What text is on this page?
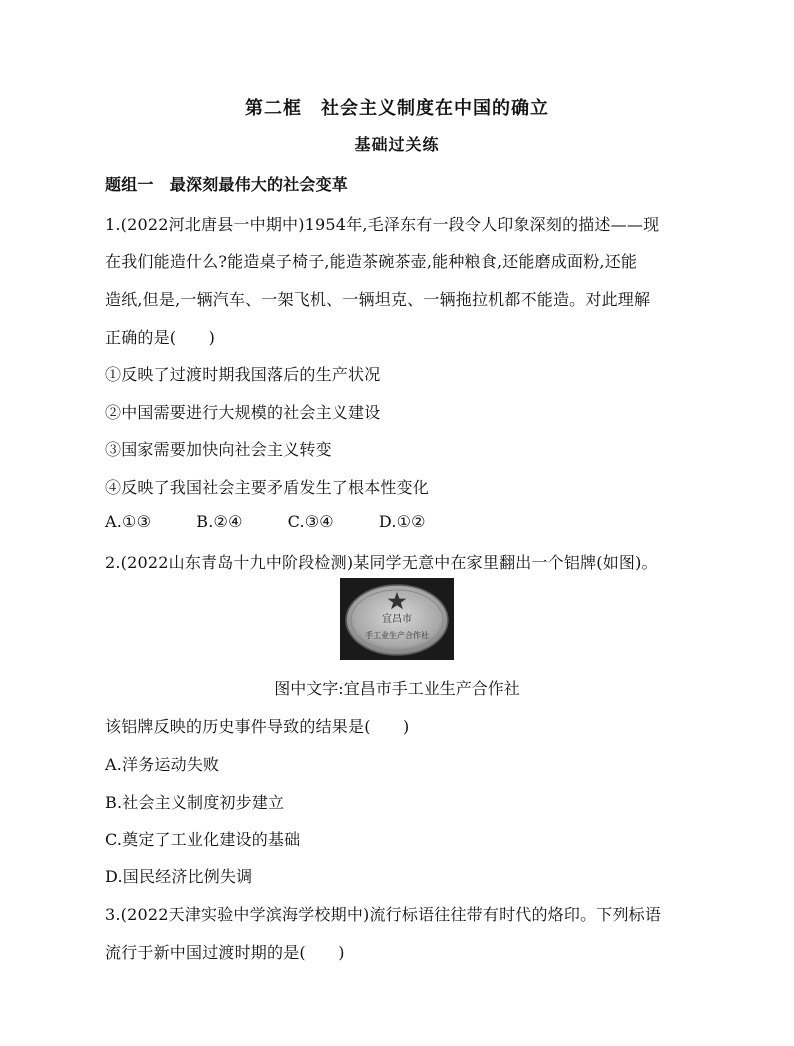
第二框　社会主义制度在中国的确立
基础过关练
题组一　最深刻最伟大的社会变革
1.(2022河北唐县一中期中)1954年,毛泽东有一段令人印象深刻的描述——现
在我们能造什么?能造桌子椅子,能造茶碗茶壶,能种粮食,还能磨成面粉,还能
造纸,但是,一辆汽车、一架飞机、一辆坦克、一辆拖拉机都不能造。对此理解
正确的是(　　)
①反映了过渡时期我国落后的生产状况
②中国需要进行大规模的社会主义建设
③国家需要加快向社会主义转变
④反映了我国社会主要矛盾发生了根本性变化
A.①③	B.②④	C.③④	D.①②
2.(2022山东青岛十九中阶段检测)某同学无意中在家里翻出一个铝牌(如图)。
宜昌市
手工业生产合作社
图中文字:宜昌市手工业生产合作社
该铝牌反映的历史事件导致的结果是(　　)
A.洋务运动失败
B.社会主义制度初步建立
C.奠定了工业化建设的基础
D.国民经济比例失调
3.(2022天津实验中学滨海学校期中)流行标语往往带有时代的烙印。下列标语
流行于新中国过渡时期的是(　　)
